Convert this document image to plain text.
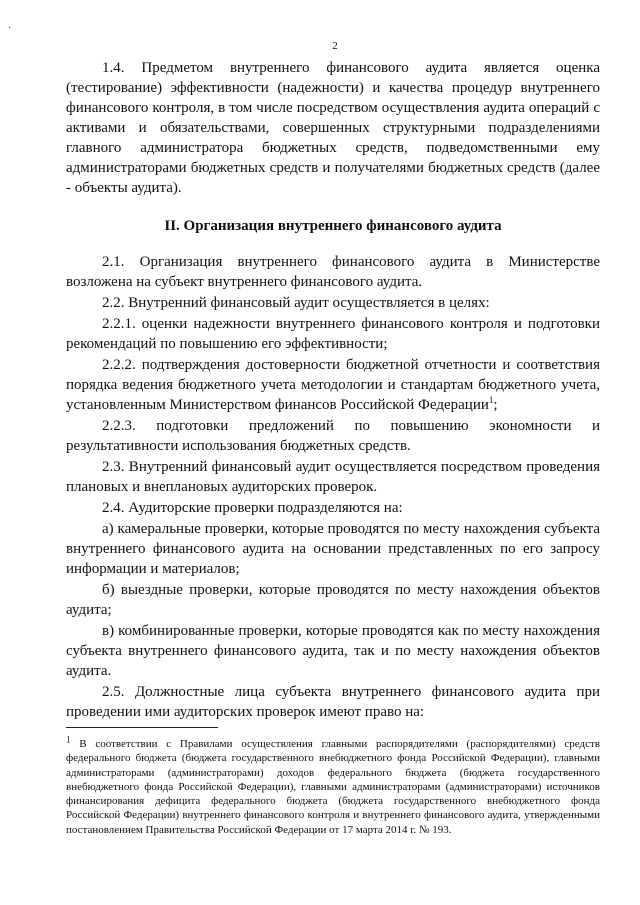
·
2

1.4. Предметом внутреннего финансового аудита является оценка (тестирование) эффективности (надежности) и качества процедур внутреннего финансового контроля, в том числе посредством осуществления аудита операций с активами и обязательствами, совершенных структурными подразделениями главного администратора бюджетных средств, подведомственными ему администраторами бюджетных средств и получателями бюджетных средств (далее - объекты аудита).

II. Организация внутреннего финансового аудита

2.1. Организация внутреннего финансового аудита в Министерстве возложена на субъект внутреннего финансового аудита.

2.2. Внутренний финансовый аудит осуществляется в целях:

2.2.1. оценки надежности внутреннего финансового контроля и подготовки рекомендаций по повышению его эффективности;

2.2.2. подтверждения достоверности бюджетной отчетности и соответствия порядка ведения бюджетного учета методологии и стандартам бюджетного учета, установленным Министерством финансов Российской Федерации$^1$;

2.2.3. подготовки предложений по повышению экономности и результативности использования бюджетных средств.

2.3. Внутренний финансовый аудит осуществляется посредством проведения плановых и внеплановых аудиторских проверок.

2.4. Аудиторские проверки подразделяются на:

а) камеральные проверки, которые проводятся по месту нахождения субъекта внутреннего финансового аудита на основании представленных по его запросу информации и материалов;

б) выездные проверки, которые проводятся по месту нахождения объектов аудита;

в) комбинированные проверки, которые проводятся как по месту нахождения субъекта внутреннего финансового аудита, так и по месту нахождения объектов аудита.

2.5. Должностные лица субъекта внутреннего финансового аудита при проведении ими аудиторских проверок имеют право на:

$^1$ В соответствии с Правилами осуществления главными распорядителями (распорядителями) средств федерального бюджета (бюджета государственного внебюджетного фонда Российской Федерации), главными администраторами (администраторами) доходов федерального бюджета (бюджета государственного внебюджетного фонда Российской Федерации), главными администраторами (администраторами) источников финансирования дефицита федерального бюджета (бюджета государственного внебюджетного фонда Российской Федерации) внутреннего финансового контроля и внутреннего финансового аудита, утвержденными постановлением Правительства Российской Федерации от 17 марта 2014 г. № 193.
